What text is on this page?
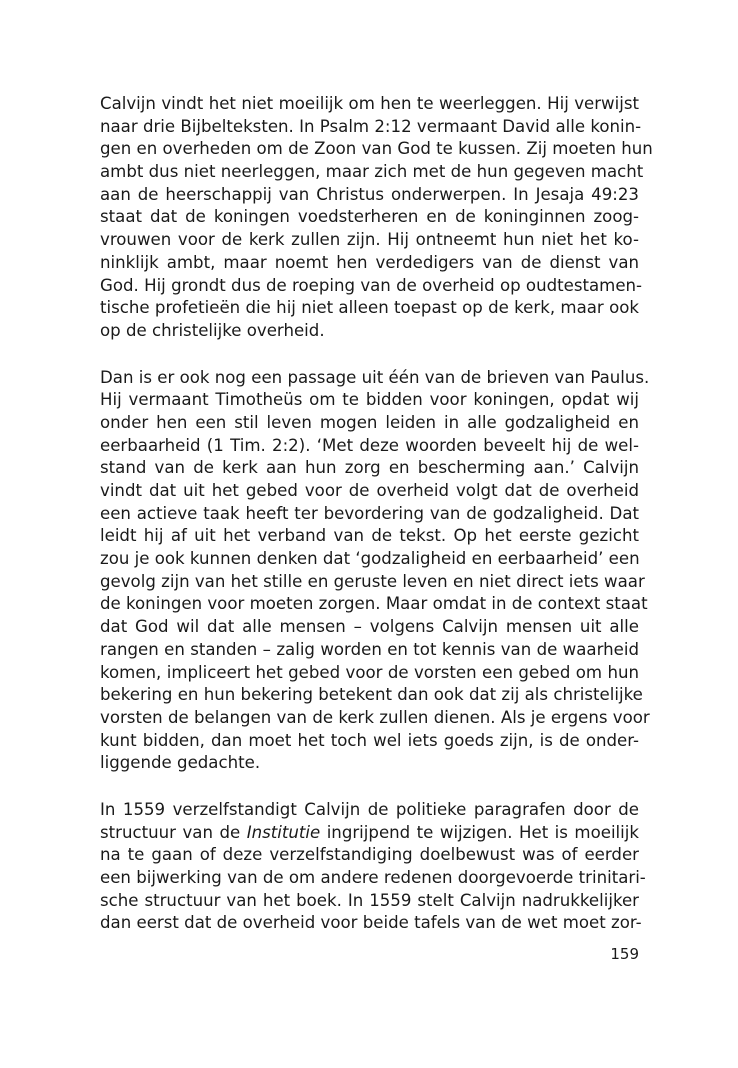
Calvijn vindt het niet moeilijk om hen te weerleggen. Hij verwijst
naar drie Bijbelteksten. In Psalm 2:12 vermaant David alle konin-
gen en overheden om de Zoon van God te kussen. Zij moeten hun
ambt dus niet neerleggen, maar zich met de hun gegeven macht
aan de heerschappij van Christus onderwerpen. In Jesaja 49:23
staat dat de koningen voedsterheren en de koninginnen zoog-
vrouwen voor de kerk zullen zijn. Hij ontneemt hun niet het ko-
ninklijk ambt, maar noemt hen verdedigers van de dienst van
God. Hij grondt dus de roeping van de overheid op oudtestamen-
tische profetieën die hij niet alleen toepast op de kerk, maar ook
op de christelijke overheid.
Dan is er ook nog een passage uit één van de brieven van Paulus.
Hij vermaant Timotheüs om te bidden voor koningen, opdat wij
onder hen een stil leven mogen leiden in alle godzaligheid en
eerbaarheid (1 Tim. 2:2). ‘Met deze woorden beveelt hij de wel-
stand van de kerk aan hun zorg en bescherming aan.’ Calvijn
vindt dat uit het gebed voor de overheid volgt dat de overheid
een actieve taak heeft ter bevordering van de godzaligheid. Dat
leidt hij af uit het verband van de tekst. Op het eerste gezicht
zou je ook kunnen denken dat ‘godzaligheid en eerbaarheid’ een
gevolg zijn van het stille en geruste leven en niet direct iets waar
de koningen voor moeten zorgen. Maar omdat in de context staat
dat God wil dat alle mensen – volgens Calvijn mensen uit alle
rangen en standen – zalig worden en tot kennis van de waarheid
komen, impliceert het gebed voor de vorsten een gebed om hun
bekering en hun bekering betekent dan ook dat zij als christelijke
vorsten de belangen van de kerk zullen dienen. Als je ergens voor
kunt bidden, dan moet het toch wel iets goeds zijn, is de onder-
liggende gedachte.
In 1559 verzelfstandigt Calvijn de politieke paragrafen door de
structuur van de Institutie ingrijpend te wijzigen. Het is moeilijk
na te gaan of deze verzelfstandiging doelbewust was of eerder
een bijwerking van de om andere redenen doorgevoerde trinitari-
sche structuur van het boek. In 1559 stelt Calvijn nadrukkelijker
dan eerst dat de overheid voor beide tafels van de wet moet zor-
159
